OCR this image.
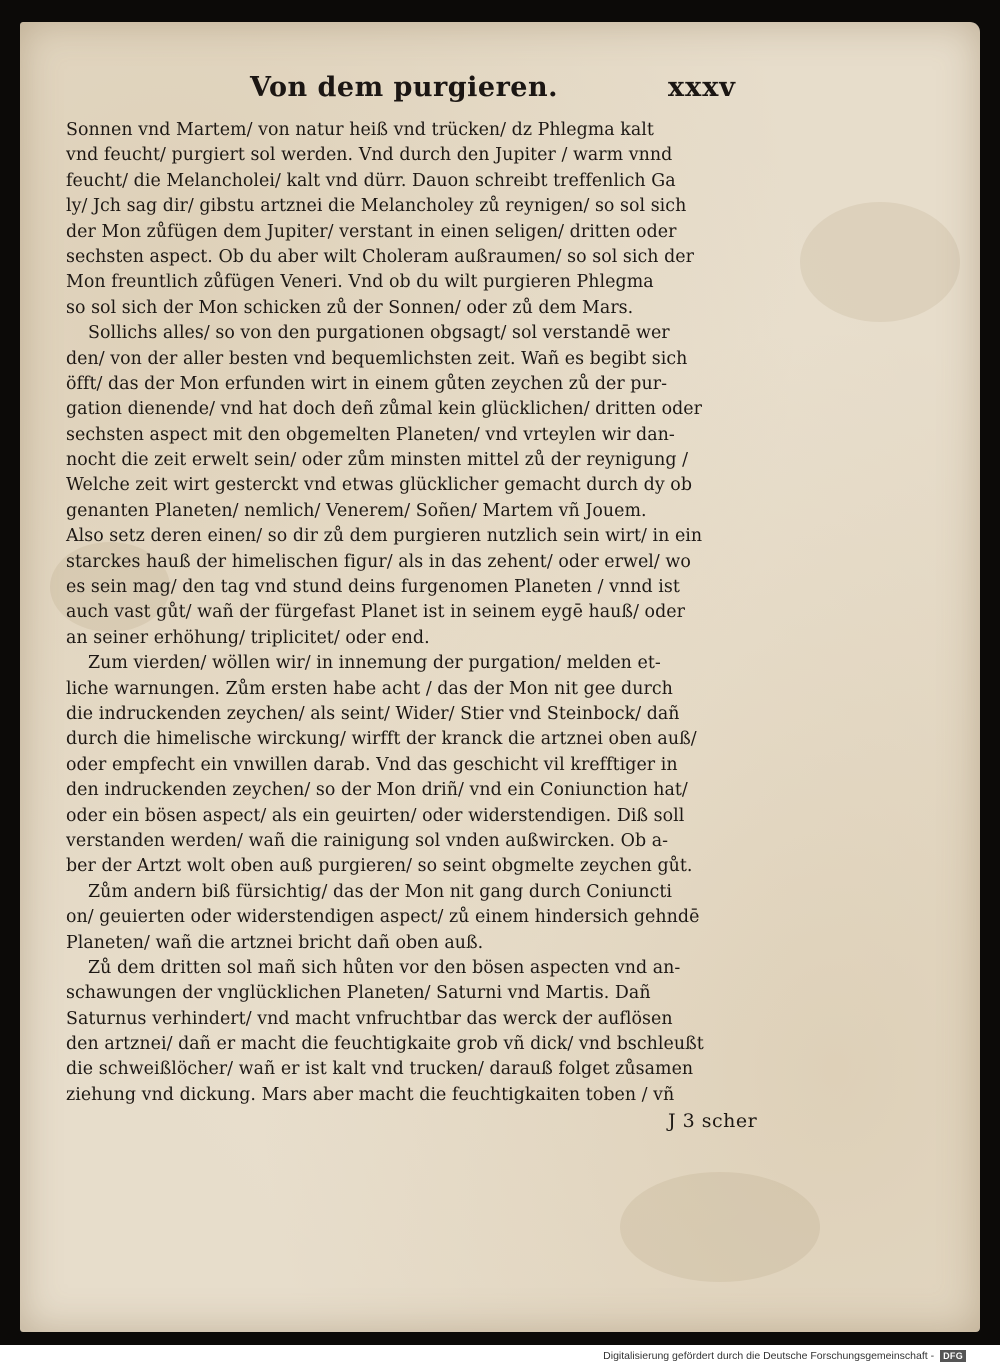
Von dem purgieren.	xxxv
Sonnen vnd Martem/ von natur heiß vnd trücken/ dz Phlegma kalt
vnd feucht/ purgiert sol werden. Vnd durch den Jupiter / warm vnnd
feucht/ die Melancholei/ kalt vnd dürr. Dauon schreibt treffenlich Ga
ly/ Jch sag dir/ gibstu artznei die Melancholey zů reynigen/ so sol sich
der Mon zůfügen dem Jupiter/ verstant in einen seligen/ dritten oder
sechsten aspect. Ob du aber wilt Choleram außraumen/ so sol sich der
Mon freuntlich zůfügen Veneri. Vnd ob du wilt purgieren Phlegma
so sol sich der Mon schicken zů der Sonnen/ oder zů dem Mars.
Sollichs alles/ so von den purgationen obgsagt/ sol verstandē wer
den/ von der aller besten vnd bequemlichsten zeit. Wañ es begibt sich
öfft/ das der Mon erfunden wirt in einem gůten zeychen zů der pur-
gation dienende/ vnd hat doch deñ zůmal kein glücklichen/ dritten oder
sechsten aspect mit den obgemelten Planeten/ vnd vrteylen wir dan-
nocht die zeit erwelt sein/ oder zům minsten mittel zů der reynigung /
Welche zeit wirt gesterckt vnd etwas glücklicher gemacht durch dy ob
genanten Planeten/ nemlich/ Venerem/ Soñen/ Martem vñ Jouem.
Also setz deren einen/ so dir zů dem purgieren nutzlich sein wirt/ in ein
starckes hauß der himelischen figur/ als in das zehent/ oder erwel/ wo
es sein mag/ den tag vnd stund deins furgenomen Planeten / vnnd ist
auch vast gůt/ wañ der fürgefast Planet ist in seinem eygē hauß/ oder
an seiner erhöhung/ triplicitet/ oder end.
Zum vierden/ wöllen wir/ in innemung der purgation/ melden et-
liche warnungen. Zům ersten habe acht / das der Mon nit gee durch
die indruckenden zeychen/ als seint/ Wider/ Stier vnd Steinbock/ dañ
durch die himelische wirckung/ wirfft der kranck die artznei oben auß/
oder empfecht ein vnwillen darab. Vnd das geschicht vil krefftiger in
den indruckenden zeychen/ so der Mon driñ/ vnd ein Coniunction hat/
oder ein bösen aspect/ als ein geuirten/ oder widerstendigen. Diß soll
verstanden werden/ wañ die rainigung sol vnden außwircken. Ob a-
ber der Artzt wolt oben auß purgieren/ so seint obgmelte zeychen gůt.
Zům andern biß fürsichtig/ das der Mon nit gang durch Coniuncti
on/ geuierten oder widerstendigen aspect/ zů einem hindersich gehndē
Planeten/ wañ die artznei bricht dañ oben auß.
Zů dem dritten sol mañ sich hůten vor den bösen aspecten vnd an-
schawungen der vnglücklichen Planeten/ Saturni vnd Martis. Dañ
Saturnus verhindert/ vnd macht vnfruchtbar das werck der auflösen
den artznei/ dañ er macht die feuchtigkaite grob vñ dick/ vnd bschleußt
die schweißlöcher/ wañ er ist kalt vnd trucken/ darauß folget zůsamen
ziehung vnd dickung. Mars aber macht die feuchtigkaiten toben / vñ
J 3 scher
Digitalisierung gefördert durch die Deutsche Forschungsgemeinschaft -	DFG
